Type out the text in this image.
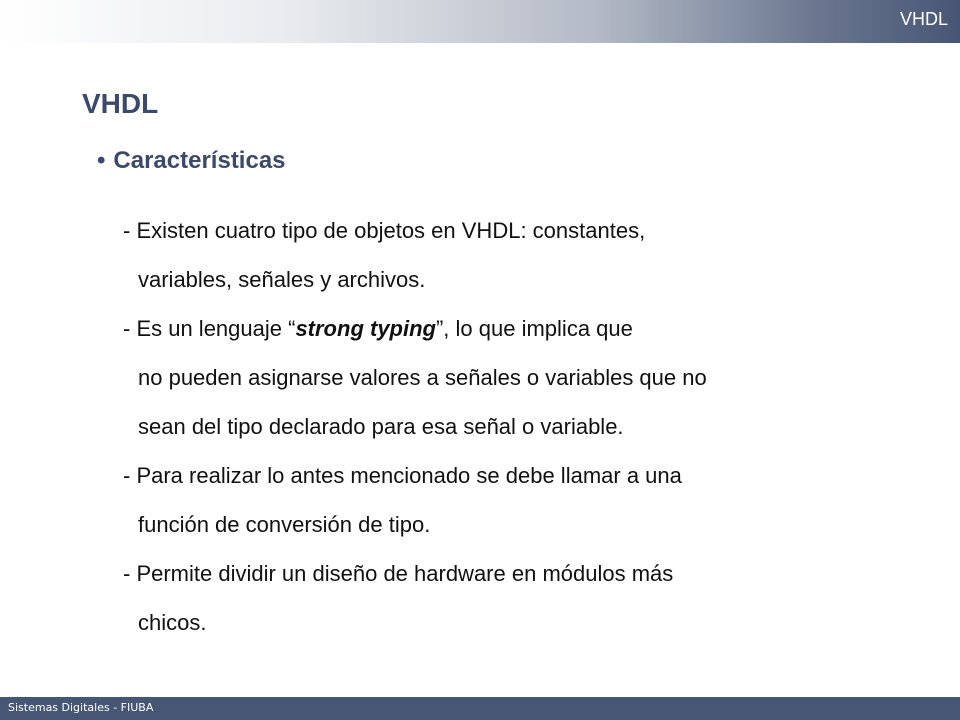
VHDL
VHDL
• Características
- Existen cuatro tipo de objetos en VHDL: constantes,
variables, señales y archivos.
- Es un lenguaje “strong typing”, lo que implica que
no pueden asignarse valores a señales o variables que no
sean del tipo declarado para esa señal o variable.
- Para realizar lo antes mencionado se debe llamar a una
función de conversión de tipo.
- Permite dividir un diseño de hardware en módulos más
chicos.
Sistemas Digitales - FIUBA
